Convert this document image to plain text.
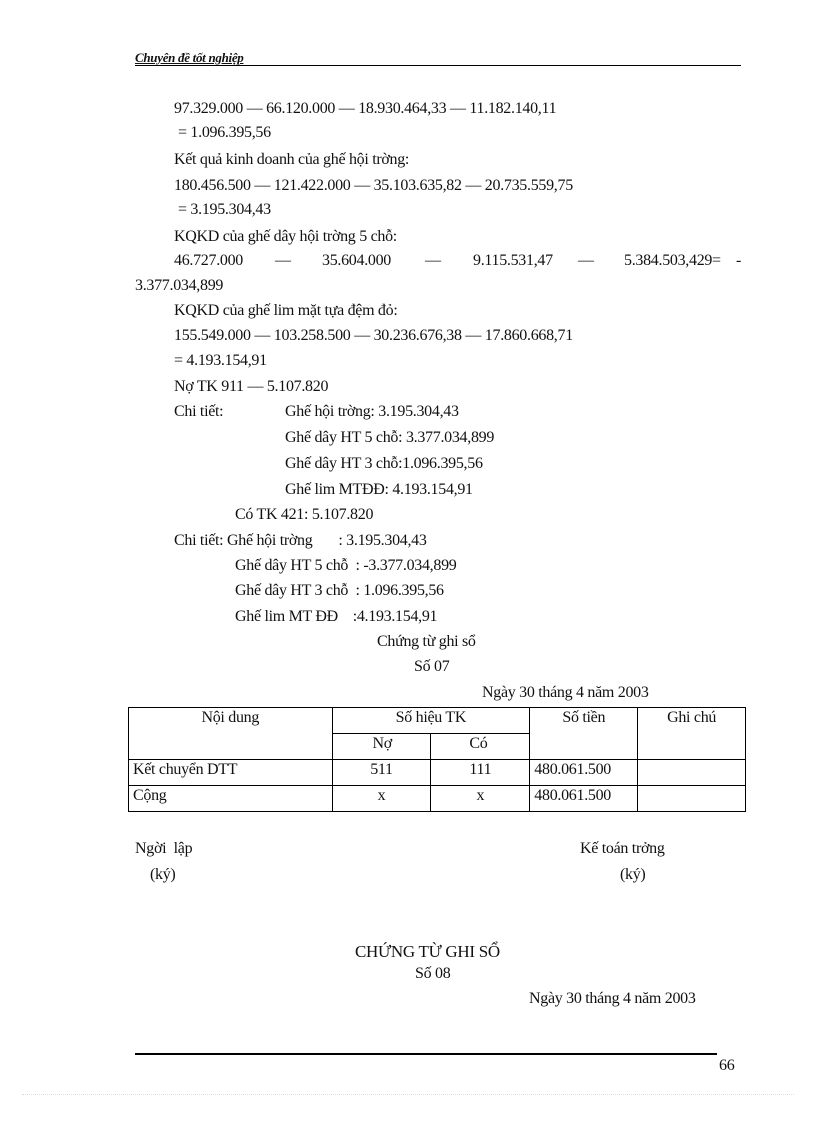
Chuyên đề tốt nghiệp
97.329.000 — 66.120.000 — 18.930.464,33 — 11.182.140,11
= 1.096.395,56
Kết quả kinh doanh của ghế hội trờng:
180.456.500 — 121.422.000 — 35.103.635,82 — 20.735.559,75
= 3.195.304,43
KQKD của ghế dây hội trờng 5 chỗ:
46.727.000 — 35.604.000 — 9.115.531,47 — 5.384.503,429 = -
3.377.034,899
KQKD của ghế lim mặt tựa đệm đỏ:
155.549.000 — 103.258.500 — 30.236.676,38 — 17.860.668,71
= 4.193.154,91
Nợ TK 911 — 5.107.820
Chi tiết:	Ghế hội trờng: 3.195.304,43
Ghế dây HT 5 chỗ: 3.377.034,899
Ghế dây HT 3 chỗ:1.096.395,56
Ghế lim MTĐĐ: 4.193.154,91
Có TK 421: 5.107.820
Chi tiết: Ghế hội trờng       : 3.195.304,43
Ghế dây HT 5 chỗ  : -3.377.034,899
Ghế dây HT 3 chỗ  : 1.096.395,56
Ghế lim MT ĐĐ    :4.193.154,91
Chứng từ ghi sổ
Số 07
Ngày 30 tháng 4 năm 2003
Nội dung	Số hiệu TK		Số tiền	Ghi chú
	Nợ	Có		
Kết chuyển DTT	511	111	480.061.500	
Cộng	x	x	480.061.500	
Ngời  lập
(ký)
Kế toán trởng
(ký)
CHỨNG TỪ GHI SỔ
Số 08
Ngày 30 tháng 4 năm 2003
66
